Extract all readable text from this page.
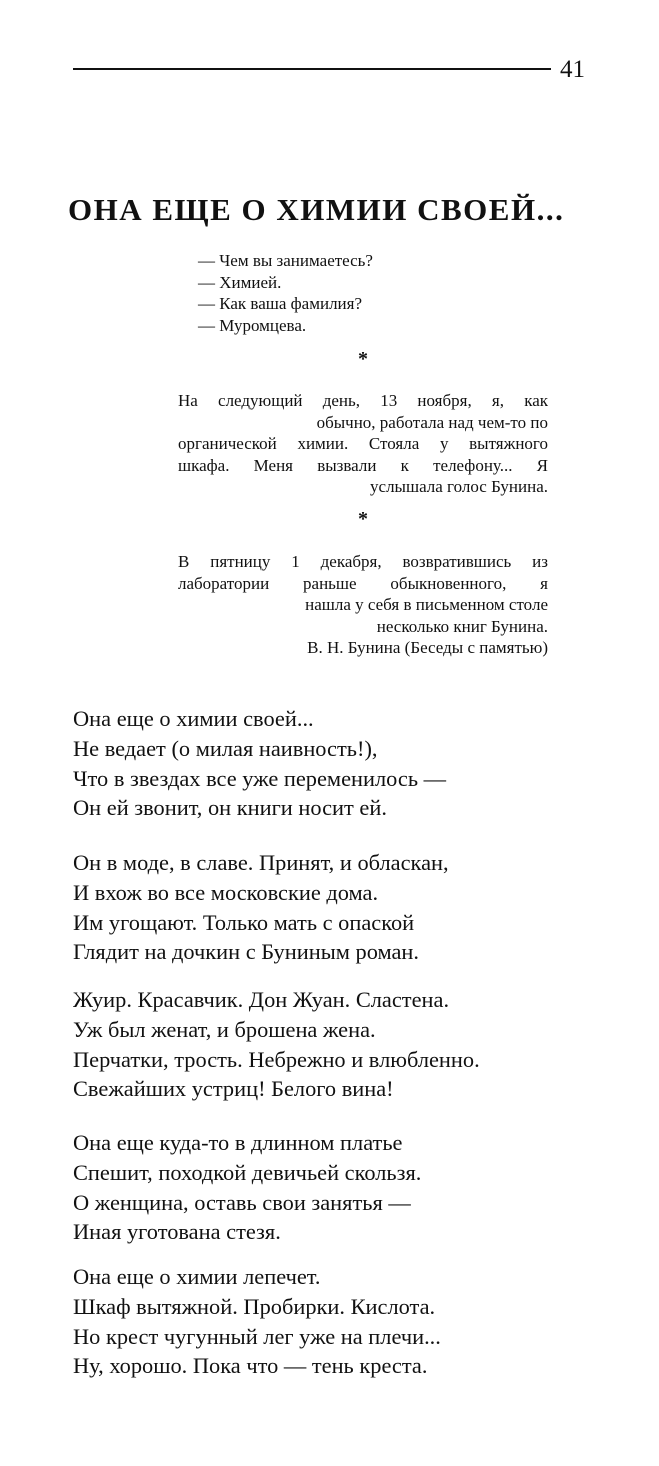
41
ОНА ЕЩЕ О ХИМИИ СВОЕЙ...
— Чем вы занимаетесь?
— Химией.
— Как ваша фамилия?
— Муромцева.
*
На следующий день, 13 ноября, я, как
обычно, работала над чем-то по
органической химии. Стояла у вытяжного
шкафа. Меня вызвали к телефону... Я
услышала голос Бунина.
*
В пятницу 1 декабря, возвратившись из
лаборатории раньше обыкновенного, я
нашла у себя в письменном столе
несколько книг Бунина.
В. Н. Бунина (Беседы с памятью)
Она еще о химии своей...
Не ведает (о милая наивность!),
Что в звездах все уже переменилось —
Он ей звонит, он книги носит ей.
Он в моде, в славе. Принят, и обласкан,
И вхож во все московские дома.
Им угощают. Только мать с опаской
Глядит на дочкин с Буниным роман.
Жуир. Красавчик. Дон Жуан. Сластена.
Уж был женат, и брошена жена.
Перчатки, трость. Небрежно и влюбленно.
Свежайших устриц! Белого вина!
Она еще куда-то в длинном платье
Спешит, походкой девичьей скользя.
О женщина, оставь свои занятья —
Иная уготована стезя.
Она еще о химии лепечет.
Шкаф вытяжной. Пробирки. Кислота.
Но крест чугунный лег уже на плечи...
Ну, хорошо. Пока что — тень креста.
